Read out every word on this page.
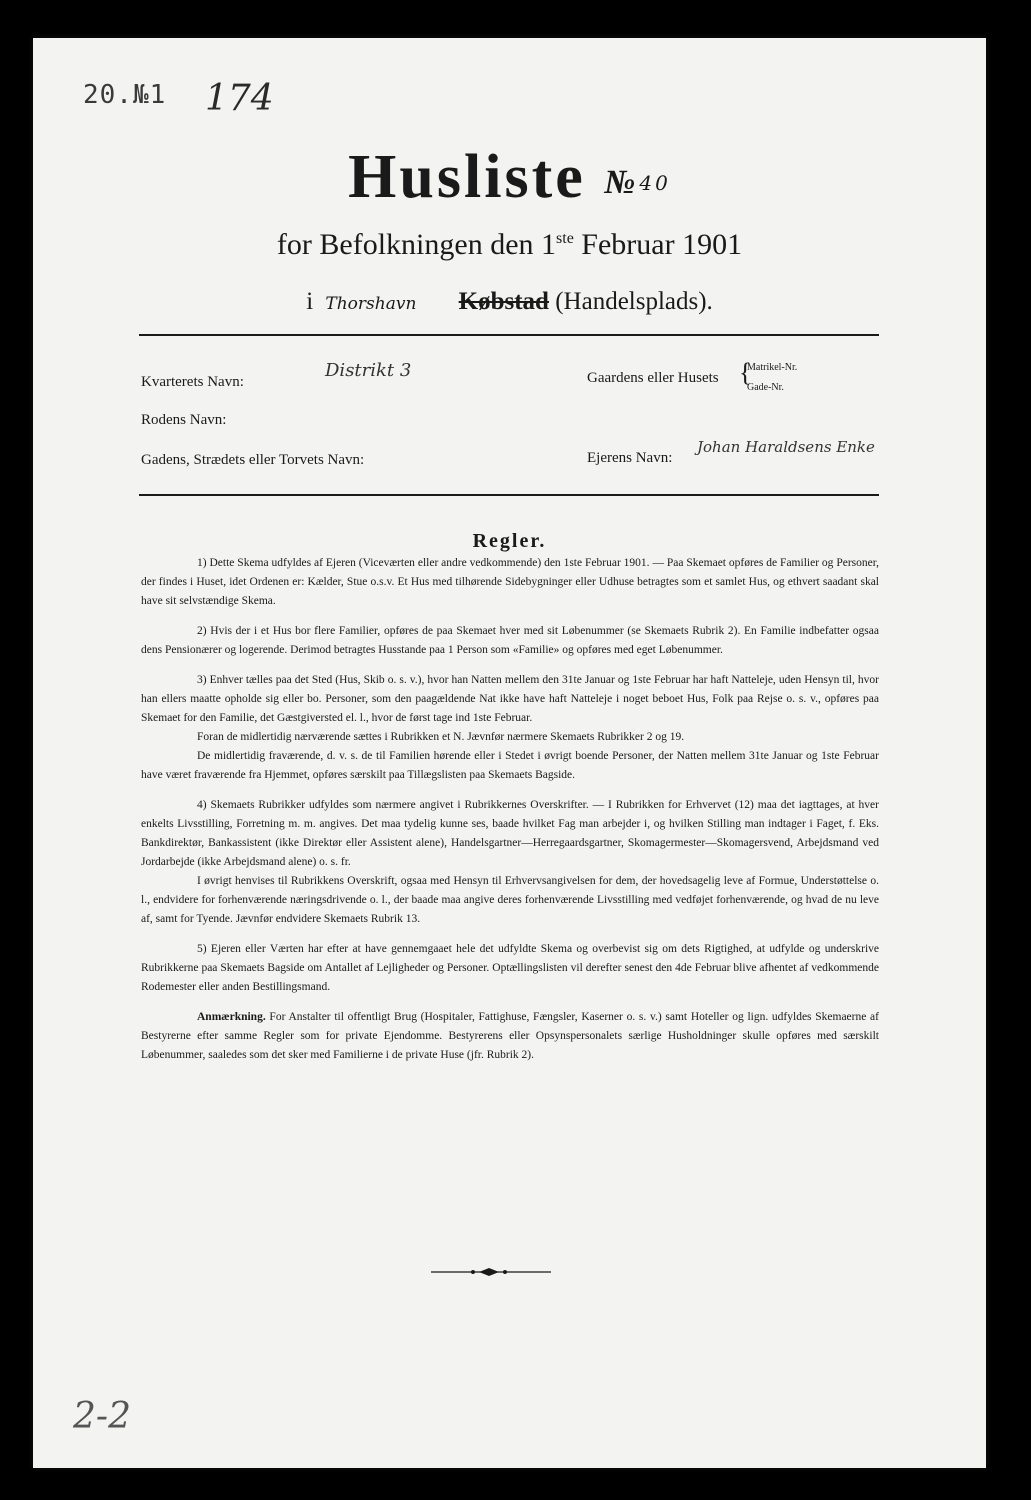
20.№1 174
Husliste № 40
for Befolkningen den 1ste Februar 1901
i Thorshavn Købstad (Handelsplads).
Kvarterets Navn:
Distrikt 3	Gaardens eller Husets {
Matrikel-Nr.
Gade-Nr.
Rodens Navn:
Gadens, Strædets eller Torvets Navn:	Ejerens Navn:
Johan Haraldsens Enke
Regler.

1) Dette Skema udfyldes af Ejeren (Viceværten eller andre vedkommende) den 1ste Februar 1901. — Paa Skemaet opføres de Familier og Personer, der findes i Huset, idet Ordenen er: Kælder, Stue o.s.v. Et Hus med tilhørende Sidebygninger eller Udhuse betragtes som et samlet Hus, og ethvert saadant skal have sit selvstændige Skema.

2) Hvis der i et Hus bor flere Familier, opføres de paa Skemaet hver med sit Løbenummer (se Skemaets Rubrik 2). En Familie indbefatter ogsaa dens Pensionærer og logerende. Derimod betragtes Husstande paa 1 Person som «Familie» og opføres med eget Løbenummer.

3) Enhver tælles paa det Sted (Hus, Skib o. s. v.), hvor han Natten mellem den 31te Januar og 1ste Februar har haft Natteleje, uden Hensyn til, hvor han ellers maatte opholde sig eller bo. Personer, som den paagældende Nat ikke have haft Natteleje i noget beboet Hus, Folk paa Rejse o. s. v., opføres paa Skemaet for den Familie, det Gæstgiversted el. l., hvor de først tage ind 1ste Februar.

Foran de midlertidig nærværende sættes i Rubrikken et N. Jævnfør nærmere Skemaets Rubrikker 2 og 19.

De midlertidig fraværende, d. v. s. de til Familien hørende eller i Stedet i øvrigt boende Personer, der Natten mellem 31te Januar og 1ste Februar have været fraværende fra Hjemmet, opføres særskilt paa Tillægslisten paa Skemaets Bagside.

4) Skemaets Rubrikker udfyldes som nærmere angivet i Rubrikkernes Overskrifter. — I Rubrikken for Erhvervet (12) maa det iagttages, at hver enkelts Livsstilling, Forretning m. m. angives. Det maa tydelig kunne ses, baade hvilket Fag man arbejder i, og hvilken Stilling man indtager i Faget, f. Eks. Bankdirektør, Bankassistent (ikke Direktør eller Assistent alene), Handelsgartner—Herregaardsgartner, Skomagermester—Skomagersvend, Arbejdsmand ved Jordarbejde (ikke Arbejdsmand alene) o. s. fr.

I øvrigt henvises til Rubrikkens Overskrift, ogsaa med Hensyn til Erhvervsangivelsen for dem, der hovedsagelig leve af Formue, Understøttelse o. l., endvidere for forhenværende næringsdrivende o. l., der baade maa angive deres forhenværende Livsstilling med vedføjet forhenværende, og hvad de nu leve af, samt for Tyende. Jævnfør endvidere Skemaets Rubrik 13.

5) Ejeren eller Værten har efter at have gennemgaaet hele det udfyldte Skema og overbevist sig om dets Rigtighed, at udfylde og underskrive Rubrikkerne paa Skemaets Bagside om Antallet af Lejligheder og Personer. Optællingslisten vil derefter senest den 4de Februar blive afhentet af vedkommende Rodemester eller anden Bestillingsmand.

Anmærkning. For Anstalter til offentligt Brug (Hospitaler, Fattighuse, Fængsler, Kaserner o. s. v.) samt Hoteller og lign. udfyldes Skemaerne af Bestyrerne efter samme Regler som for private Ejendomme. Bestyrerens eller Opsynspersonalets særlige Husholdninger skulle opføres med særskilt Løbenummer, saaledes som det sker med Familierne i de private Huse (jfr. Rubrik 2).

2-2
